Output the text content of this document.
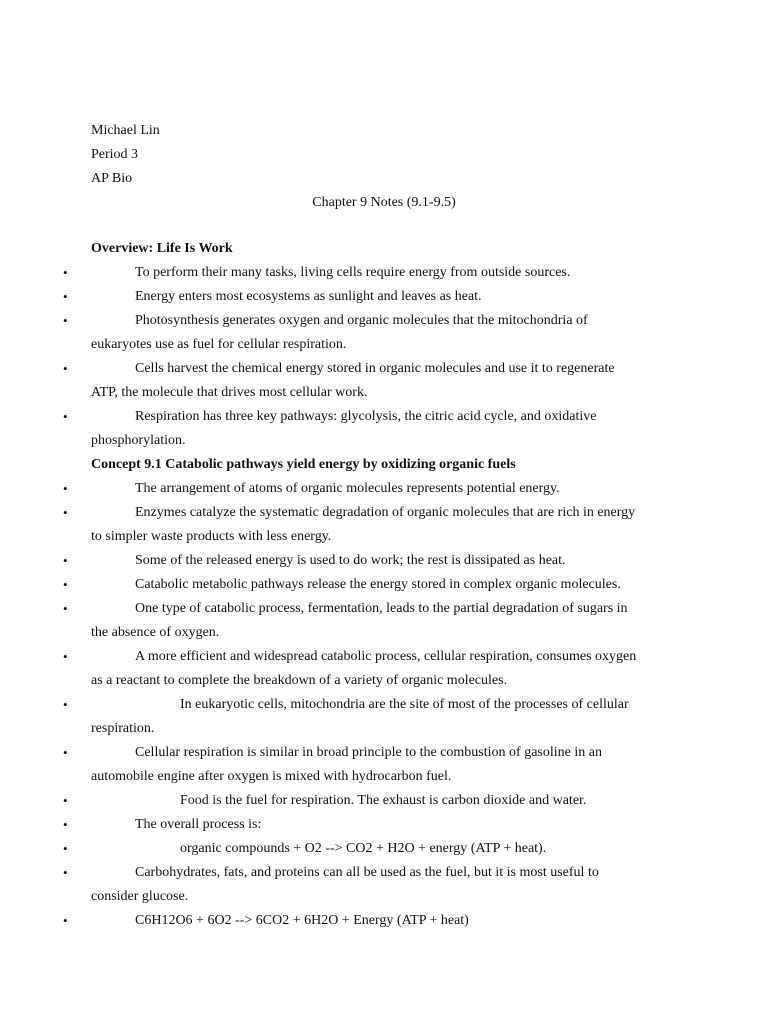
Michael Lin
Period 3
AP Bio
Chapter 9 Notes (9.1-9.5)
Overview: Life Is Work
•	To perform their many tasks, living cells require energy from outside sources.
•	Energy enters most ecosystems as sunlight and leaves as heat.
•	Photosynthesis generates oxygen and organic molecules that the mitochondria of eukaryotes use as fuel for cellular respiration.
•	Cells harvest the chemical energy stored in organic molecules and use it to regenerate ATP, the molecule that drives most cellular work.
•	Respiration has three key pathways: glycolysis, the citric acid cycle, and oxidative phosphorylation.
Concept 9.1 Catabolic pathways yield energy by oxidizing organic fuels
•	The arrangement of atoms of organic molecules represents potential energy.
•	Enzymes catalyze the systematic degradation of organic molecules that are rich in energy to simpler waste products with less energy.
•	Some of the released energy is used to do work; the rest is dissipated as heat.
•	Catabolic metabolic pathways release the energy stored in complex organic molecules.
•	One type of catabolic process, fermentation, leads to the partial degradation of sugars in the absence of oxygen.
•	A more efficient and widespread catabolic process, cellular respiration, consumes oxygen as a reactant to complete the breakdown of a variety of organic molecules.
•	In eukaryotic cells, mitochondria are the site of most of the processes of cellular respiration.
•	Cellular respiration is similar in broad principle to the combustion of gasoline in an automobile engine after oxygen is mixed with hydrocarbon fuel.
•	Food is the fuel for respiration. The exhaust is carbon dioxide and water.
•	The overall process is:
•	organic compounds + O2 --> CO2 + H2O + energy (ATP + heat).
•	Carbohydrates, fats, and proteins can all be used as the fuel, but it is most useful to consider glucose.
•	C6H12O6 + 6O2 --> 6CO2 + 6H2O + Energy (ATP + heat)
